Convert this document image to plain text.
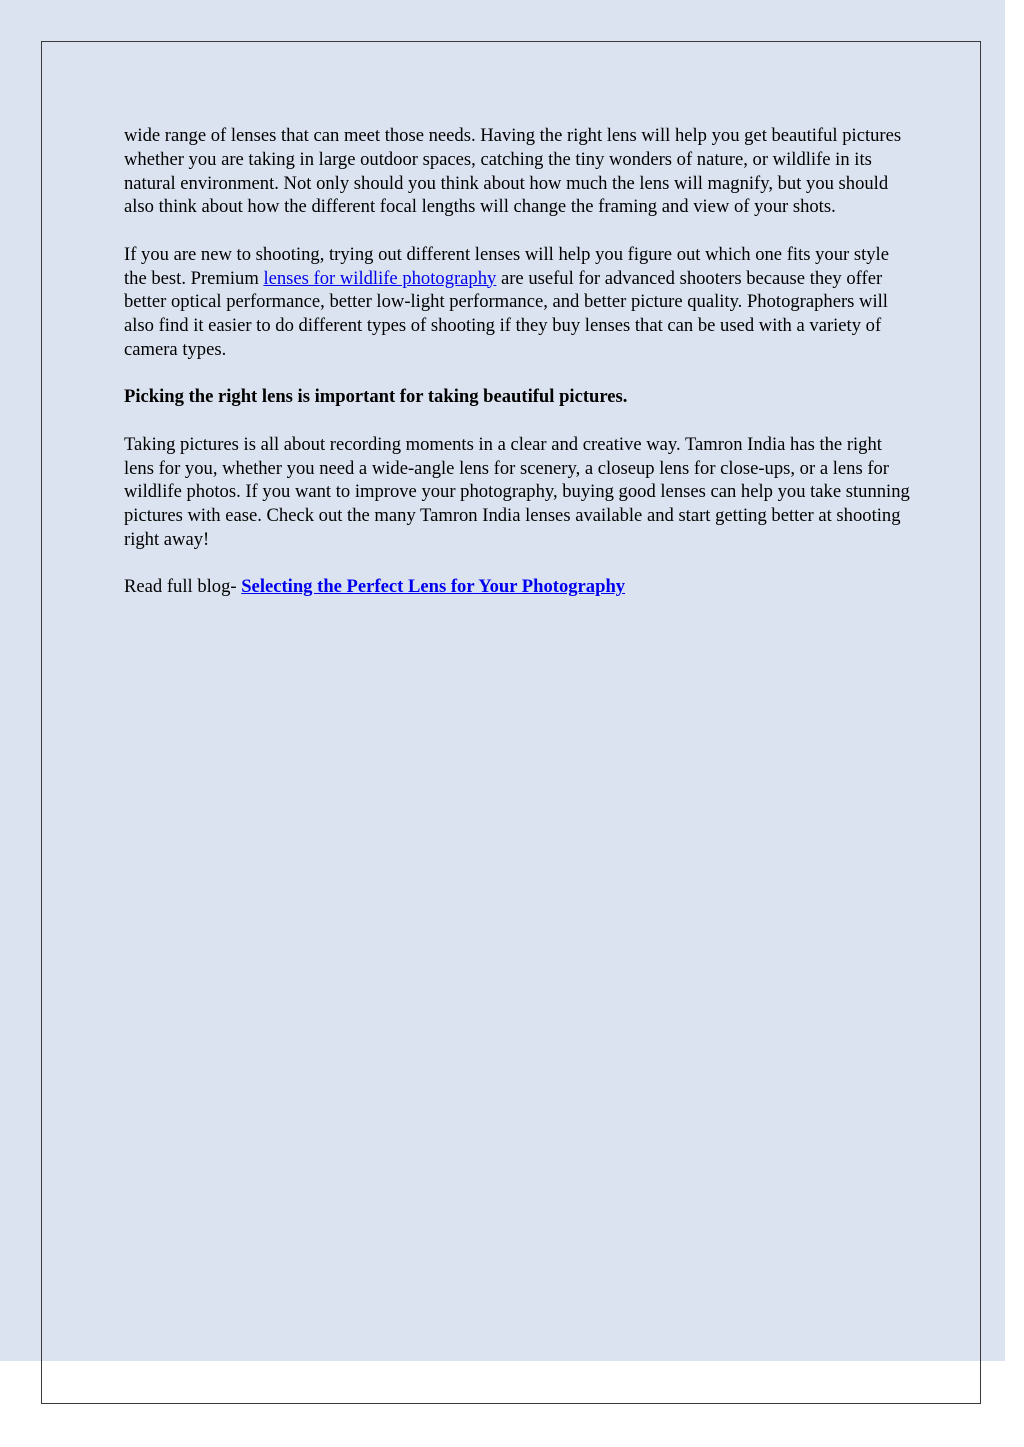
wide range of lenses that can meet those needs. Having the right lens will help you get beautiful pictures whether you are taking in large outdoor spaces, catching the tiny wonders of nature, or wildlife in its natural environment. Not only should you think about how much the lens will magnify, but you should also think about how the different focal lengths will change the framing and view of your shots.

If you are new to shooting, trying out different lenses will help you figure out which one fits your style the best. Premium lenses for wildlife photography are useful for advanced shooters because they offer better optical performance, better low-light performance, and better picture quality. Photographers will also find it easier to do different types of shooting if they buy lenses that can be used with a variety of camera types.

Picking the right lens is important for taking beautiful pictures.

Taking pictures is all about recording moments in a clear and creative way. Tamron India has the right lens for you, whether you need a wide-angle lens for scenery, a closeup lens for close-ups, or a lens for wildlife photos. If you want to improve your photography, buying good lenses can help you take stunning pictures with ease. Check out the many Tamron India lenses available and start getting better at shooting right away!

Read full blog- Selecting the Perfect Lens for Your Photography
